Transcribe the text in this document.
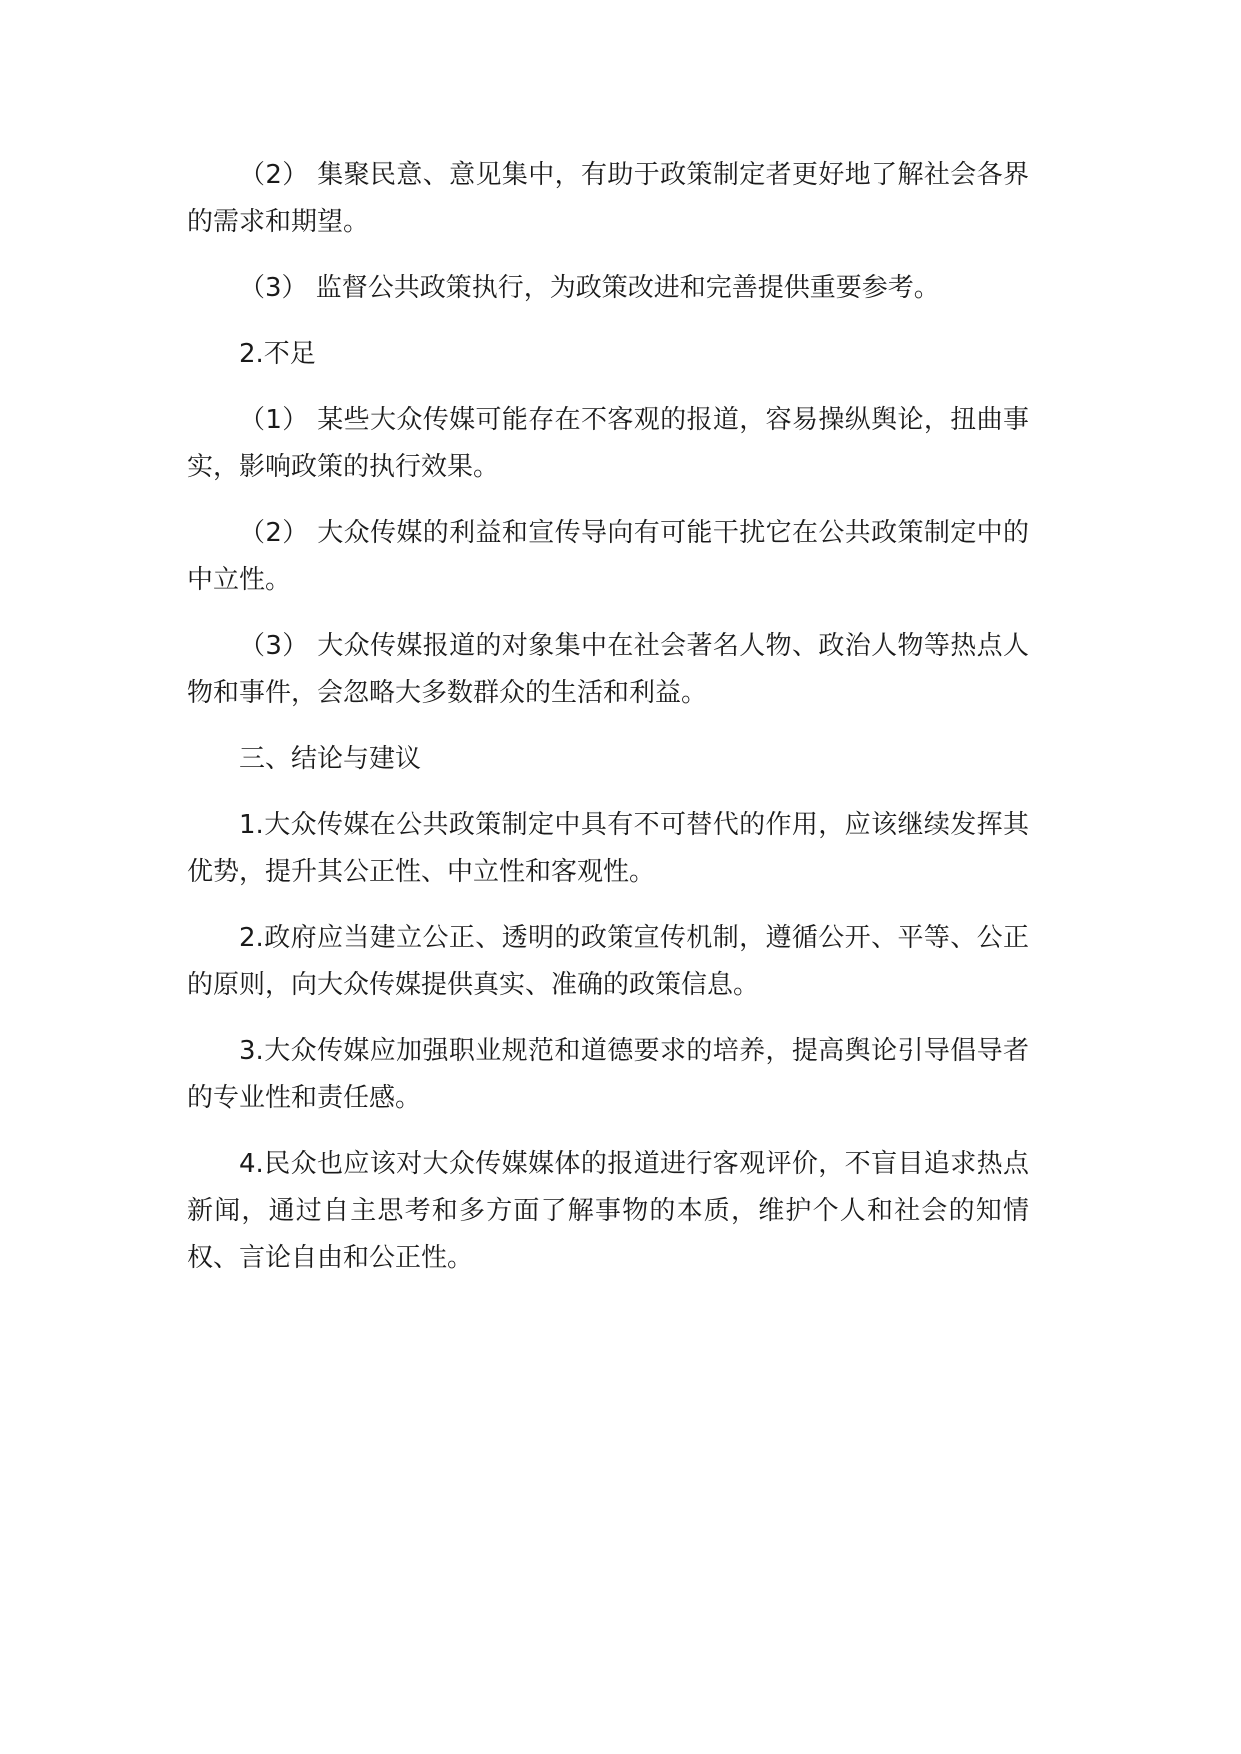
（2） 集聚民意、意见集中，有助于政策制定者更好地了解社会各界的需求和期望。

（3） 监督公共政策执行，为政策改进和完善提供重要参考。

2.不足

（1） 某些大众传媒可能存在不客观的报道，容易操纵舆论，扭曲事实，影响政策的执行效果。

（2） 大众传媒的利益和宣传导向有可能干扰它在公共政策制定中的中立性。

（3） 大众传媒报道的对象集中在社会著名人物、政治人物等热点人物和事件，会忽略大多数群众的生活和利益。

三、结论与建议

1.大众传媒在公共政策制定中具有不可替代的作用，应该继续发挥其优势，提升其公正性、中立性和客观性。

2.政府应当建立公正、透明的政策宣传机制，遵循公开、平等、公正的原则，向大众传媒提供真实、准确的政策信息。

3.大众传媒应加强职业规范和道德要求的培养，提高舆论引导倡导者的专业性和责任感。

4.民众也应该对大众传媒媒体的报道进行客观评价，不盲目追求热点新闻，通过自主思考和多方面了解事物的本质，维护个人和社会的知情权、言论自由和公正性。
